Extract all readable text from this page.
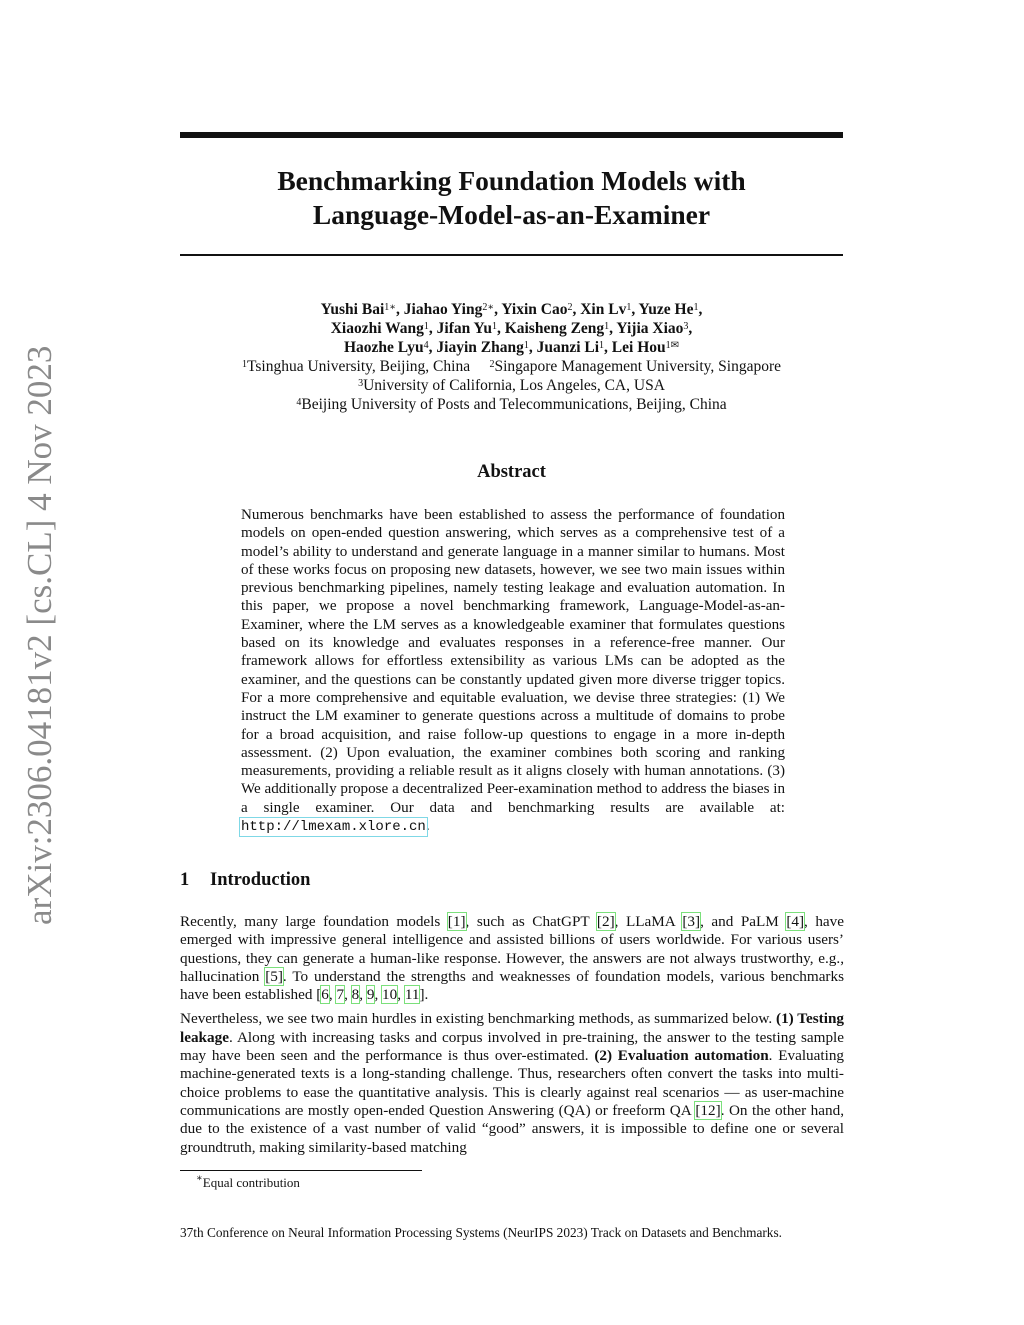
arXiv:2306.04181v2 [cs.CL] 4 Nov 2023
Benchmarking Foundation Models with
Language-Model-as-an-Examiner
Yushi Bai$^{1∗}$, Jiahao Ying$^{2∗}$, Yixin Cao$^2$, Xin Lv$^1$, Yuze He$^1$,
Xiaozhi Wang$^1$, Jifan Yu$^1$, Kaisheng Zeng$^1$, Yijia Xiao$^3$,
Haozhe Lyu$^4$, Jiayin Zhang$^1$, Juanzi Li$^1$, Lei Hou$^{1✉}$
$^1$Tsinghua University, Beijing, China $^2$Singapore Management University, Singapore
$^3$University of California, Los Angeles, CA, USA
$^4$Beijing University of Posts and Telecommunications, Beijing, China
Abstract

Numerous benchmarks have been established to assess the performance of foundation models on open-ended question answering, which serves as a comprehensive test of a model’s ability to understand and generate language in a manner similar to humans. Most of these works focus on proposing new datasets, however, we see two main issues within previous benchmarking pipelines, namely testing leakage and evaluation automation. In this paper, we propose a novel benchmarking framework, Language-Model-as-an-Examiner, where the LM serves as a knowledgeable examiner that formulates questions based on its knowledge and evaluates responses in a reference-free manner. Our framework allows for effortless extensibility as various LMs can be adopted as the examiner, and the questions can be constantly updated given more diverse trigger topics. For a more comprehensive and equitable evaluation, we devise three strategies: (1) We instruct the LM examiner to generate questions across a multitude of domains to probe for a broad acquisition, and raise follow-up questions to engage in a more in-depth assessment. (2) Upon evaluation, the examiner combines both scoring and ranking measurements, providing a reliable result as it aligns closely with human annotations. (3) We additionally propose a decentralized Peer-examination method to address the biases in a single examiner. Our data and benchmarking results are available at: http://lmexam.xlore.cn.

1 Introduction

Recently, many large foundation models [1], such as ChatGPT [2], LLaMA [3], and PaLM [4], have emerged with impressive general intelligence and assisted billions of users worldwide. For various users’ questions, they can generate a human-like response. However, the answers are not always trustworthy, e.g., hallucination [5]. To understand the strengths and weaknesses of foundation models, various benchmarks have been established [6, 7, 8, 9, 10, 11].

Nevertheless, we see two main hurdles in existing benchmarking methods, as summarized below. (1) Testing leakage. Along with increasing tasks and corpus involved in pre-training, the answer to the testing sample may have been seen and the performance is thus over-estimated. (2) Evaluation automation. Evaluating machine-generated texts is a long-standing challenge. Thus, researchers often convert the tasks into multi-choice problems to ease the quantitative analysis. This is clearly against real scenarios — as user-machine communications are mostly open-ended Question Answering (QA) or freeform QA [12]. On the other hand, due to the existence of a vast number of valid “good” answers, it is impossible to define one or several groundtruth, making similarity-based matching

∗Equal contribution

37th Conference on Neural Information Processing Systems (NeurIPS 2023) Track on Datasets and Benchmarks.
